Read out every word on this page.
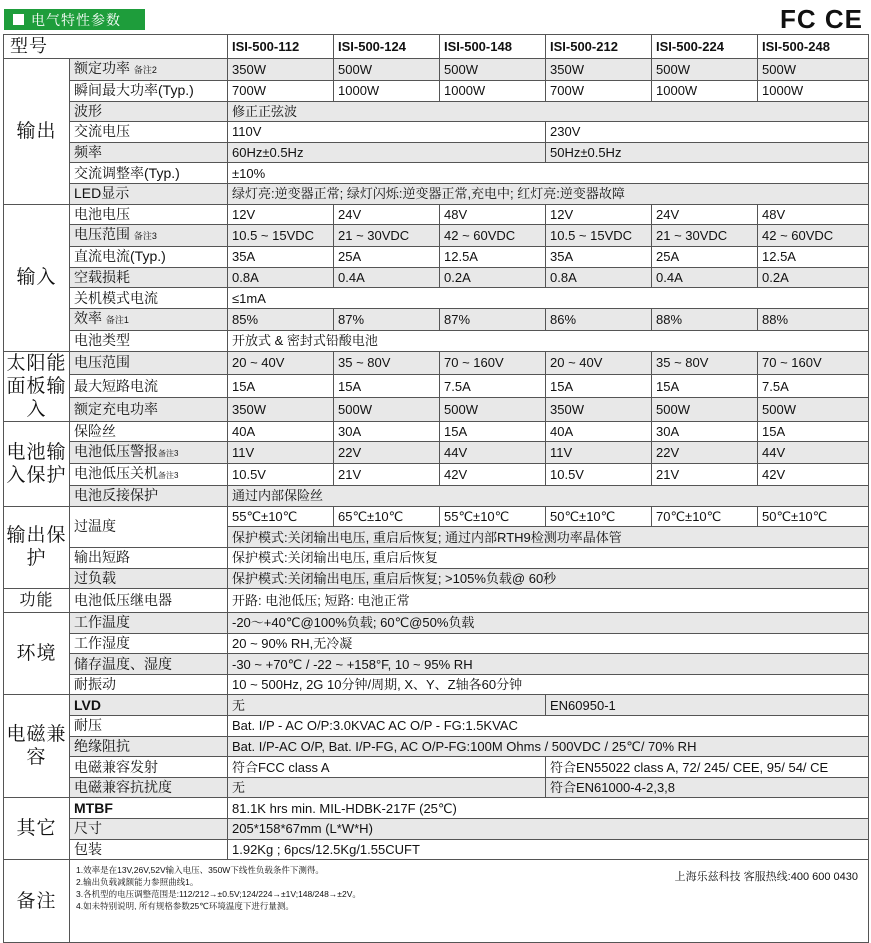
电气特性参数	FC CE
型号		ISI-500-112	ISI-500-124	ISI-500-148	ISI-500-212	ISI-500-224	ISI-500-248
输出	额定功率 备注2	350W	500W	500W	350W	500W	500W
	瞬间最大功率(Typ.)	700W	1000W	1000W	700W	1000W	1000W
	波形	修正正弦波					
	交流电压	110V			230V		
	频率	60Hz±0.5Hz			50Hz±0.5Hz		
	交流调整率(Typ.)	±10%					
	LED显示	绿灯亮:逆变器正常; 绿灯闪烁:逆变器正常,充电中; 红灯亮:逆变器故障					
输入	电池电压	12V	24V	48V	12V	24V	48V
	电压范围 备注3	10.5 ~ 15VDC	21 ~ 30VDC	42 ~ 60VDC	10.5 ~ 15VDC	21 ~ 30VDC	42 ~ 60VDC
	直流电流(Typ.)	35A	25A	12.5A	35A	25A	12.5A
	空载损耗	0.8A	0.4A	0.2A	0.8A	0.4A	0.2A
	关机模式电流	≤1mA					
	效率 备注1	85%	87%	87%	86%	88%	88%
	电池类型	开放式 & 密封式铅酸电池					
太阳能面板输入	电压范围	20 ~ 40V	35 ~ 80V	70 ~ 160V	20 ~ 40V	35 ~ 80V	70 ~ 160V
	最大短路电流	15A	15A	7.5A	15A	15A	7.5A
	额定充电功率	350W	500W	500W	350W	500W	500W
电池输入保护	保险丝	40A	30A	15A	40A	30A	15A
	电池低压警报备注3	11V	22V	44V	11V	22V	44V
	电池低压关机备注3	10.5V	21V	42V	10.5V	21V	42V
	电池反接保护	通过内部保险丝					
输出保护	过温度	55℃±10℃	65℃±10℃	55℃±10℃	50℃±10℃	70℃±10℃	50℃±10℃
		保护模式:关闭输出电压, 重启后恢复; 通过内部RTH9检测功率晶体管					
	输出短路	保护模式:关闭输出电压, 重启后恢复					
	过负载	保护模式:关闭输出电压, 重启后恢复; >105%负载@ 60秒					
功能	电池低压继电器	开路: 电池低压; 短路: 电池正常					
环境	工作温度	-20～+40℃@100%负载; 60℃@50%负载					
	工作湿度	20 ~ 90% RH,无冷凝					
	储存温度、湿度	-30 ~ +70℃ / -22 ~ +158°F, 10 ~ 95% RH					
	耐振动	10 ~ 500Hz, 2G 10分钟/周期, X、Y、Z轴各60分钟					
电磁兼容	LVD	无			EN60950-1		
	耐压	Bat. I/P - AC O/P:3.0KVAC AC O/P - FG:1.5KVAC					
	绝缘阻抗	Bat. I/P-AC O/P, Bat. I/P-FG, AC O/P-FG:100M Ohms / 500VDC / 25℃/ 70% RH					
	电磁兼容发射	符合FCC class A			符合EN55022 class A, 72/ 245/ CEE, 95/ 54/ CE		
	电磁兼容抗扰度	无			符合EN61000-4-2,3,8		
其它	MTBF	81.1K hrs min. MIL-HDBK-217F (25℃)					
	尺寸	205*158*67mm (L*W*H)					
	包装	1.92Kg ; 6pcs/12.5Kg/1.55CUFT					
备注	1.效率是在13V,26V,52V输入电压、350W下线性负载条件下测得。
2.输出负载减额能力参照曲线1。
3.各机型的电压调整范围是:112/212→±0.5V;124/224→±1V;148/248→±2V。
4.如未特别说明, 所有规格参数25℃环境温度下进行量测。
上海乐兹科技 客服热线:400 600 0430						
